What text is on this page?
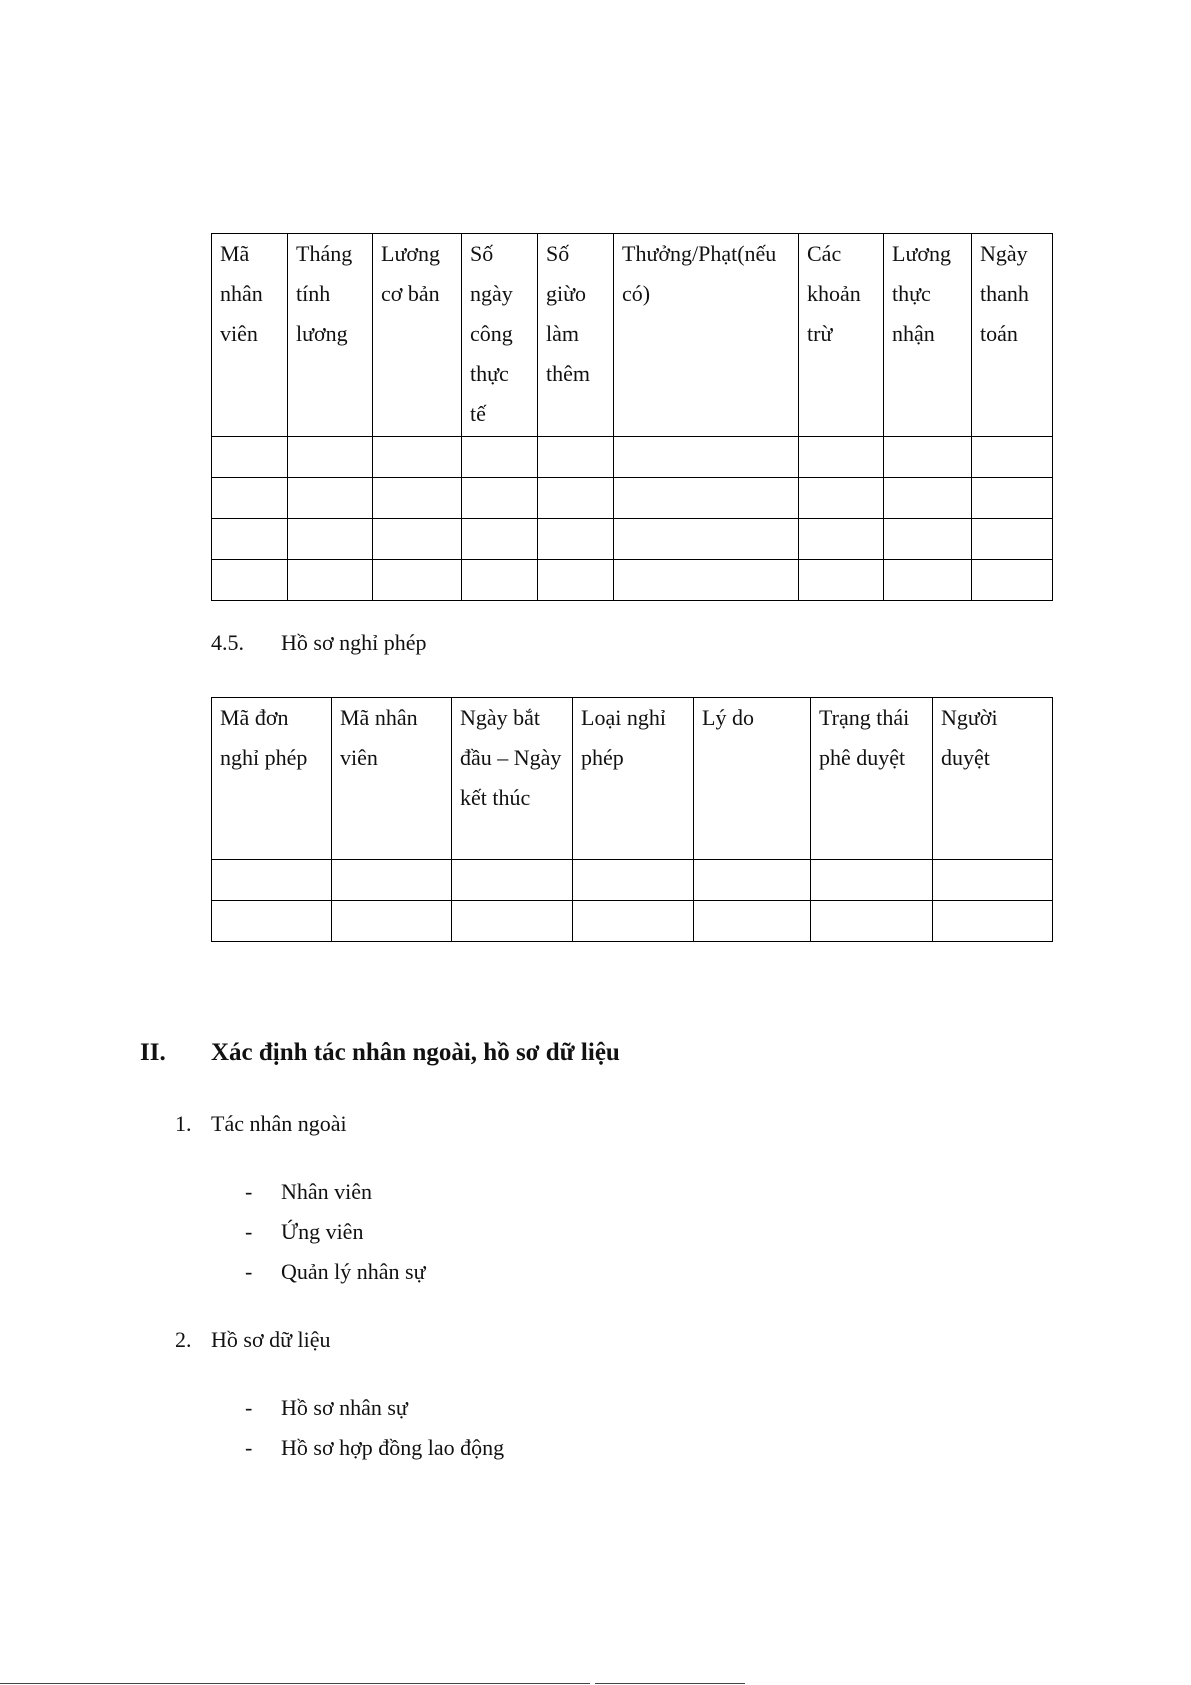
Mã nhân viên	Tháng tính lương	Lương cơ bản	Số ngày công thực tế	Số giừo làm thêm	Thưởng/Phạt(nếu có)	Các khoản trừ	Lương thực nhận	Ngày thanh toán

4.5. Hồ sơ nghỉ phép
Mã đơn nghỉ phép	Mã nhân viên	Ngày bắt đầu – Ngày kết thúc	Loại nghỉ phép	Lý do	Trạng thái phê duyệt	Người duyệt

II. Xác định tác nhân ngoài, hồ sơ dữ liệu
1. Tác nhân ngoài
- Nhân viên
- Ứng viên
- Quản lý nhân sự
2. Hồ sơ dữ liệu
- Hồ sơ nhân sự
- Hồ sơ hợp đồng lao động
